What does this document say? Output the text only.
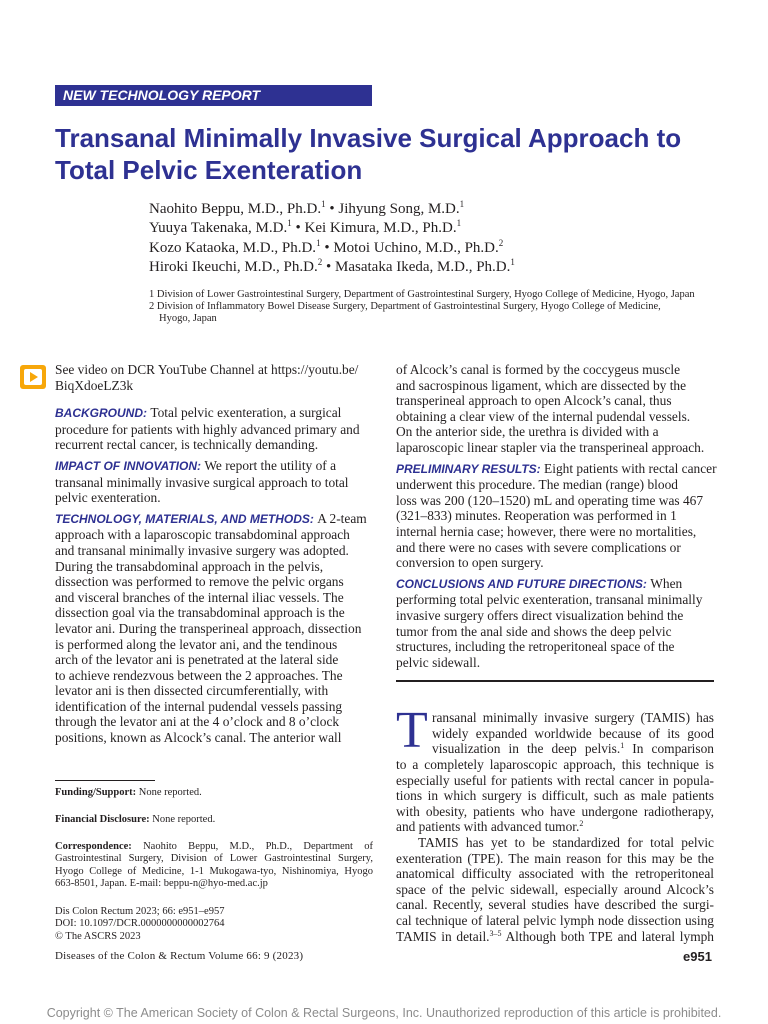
NEW TECHNOLOGY REPORT
Transanal Minimally Invasive Surgical Approach to
Total Pelvic Exenteration
Naohito Beppu, M.D., Ph.D.$^1$ • Jihyung Song, M.D.$^1$
Yuuya Takenaka, M.D.$^1$ • Kei Kimura, M.D., Ph.D.$^1$
Kozo Kataoka, M.D., Ph.D.$^1$ • Motoi Uchino, M.D., Ph.D.$^2$
Hiroki Ikeuchi, M.D., Ph.D.$^2$ • Masataka Ikeda, M.D., Ph.D.$^1$
1 Division of Lower Gastrointestinal Surgery, Department of Gastrointestinal Surgery, Hyogo College of Medicine, Hyogo, Japan
2 Division of Inflammatory Bowel Disease Surgery, Department of Gastrointestinal Surgery, Hyogo College of Medicine,
Hyogo, Japan
See video on DCR YouTube Channel at https://youtu.be/
BiqXdoeLZ3k
BACKGROUND: Total pelvic exenteration, a surgical
procedure for patients with highly advanced primary and
recurrent rectal cancer, is technically demanding.
IMPACT OF INNOVATION: We report the utility of a
transanal minimally invasive surgical approach to total
pelvic exenteration.
TECHNOLOGY, MATERIALS, AND METHODS: A 2-team
approach with a laparoscopic transabdominal approach
and transanal minimally invasive surgery was adopted.
During the transabdominal approach in the pelvis,
dissection was performed to remove the pelvic organs
and visceral branches of the internal iliac vessels. The
dissection goal via the transabdominal approach is the
levator ani. During the transperineal approach, dissection
is performed along the levator ani, and the tendinous
arch of the levator ani is penetrated at the lateral side
to achieve rendezvous between the 2 approaches. The
levator ani is then dissected circumferentially, with
identification of the internal pudendal vessels passing
through the levator ani at the 4 o’clock and 8 o’clock
positions, known as Alcock’s canal. The anterior wall
of Alcock’s canal is formed by the coccygeus muscle
and sacrospinous ligament, which are dissected by the
transperineal approach to open Alcock’s canal, thus
obtaining a clear view of the internal pudendal vessels.
On the anterior side, the urethra is divided with a
laparoscopic linear stapler via the transperineal approach.
PRELIMINARY RESULTS: Eight patients with rectal cancer
underwent this procedure. The median (range) blood
loss was 200 (120–1520) mL and operating time was 467
(321–833) minutes. Reoperation was performed in 1
internal hernia case; however, there were no mortalities,
and there were no cases with severe complications or
conversion to open surgery.
CONCLUSIONS AND FUTURE DIRECTIONS: When
performing total pelvic exenteration, transanal minimally
invasive surgery offers direct visualization behind the
tumor from the anal side and shows the deep pelvic
structures, including the retroperitoneal space of the
pelvic sidewall.
Funding/Support: None reported.
Financial Disclosure: None reported.
Correspondence: Naohito Beppu, M.D., Ph.D., Department of
Gastrointestinal Surgery, Division of Lower Gastrointestinal Surgery,
Hyogo College of Medicine, 1-1 Mukogawa-tyo, Nishinomiya, Hyogo
663-8501, Japan. E-mail: beppu-n@hyo-med.ac.jp
Dis Colon Rectum 2023; 66: e951–e957
DOI: 10.1097/DCR.0000000000002764
© The ASCRS 2023
T ransanal minimally invasive surgery (TAMIS) has
widely expanded worldwide because of its good
visualization in the deep pelvis.$^1$ In comparison
to a completely laparoscopic approach, this technique is
especially useful for patients with rectal cancer in popula-
tions in which surgery is difficult, such as male patients
with obesity, patients who have undergone radiotherapy,
and patients with advanced tumor.$^2$
TAMIS has yet to be standardized for total pelvic
exenteration (TPE). The main reason for this may be the
anatomical difficulty associated with the retroperitoneal
space of the pelvic sidewall, especially around Alcock’s
canal. Recently, several studies have described the surgi-
cal technique of lateral pelvic lymph node dissection using
TAMIS in detail.$^{3-5}$ Although both TPE and lateral lymph
Diseases of the Colon & Rectum Volume 66: 9 (2023)	e951
Copyright © The American Society of Colon & Rectal Surgeons, Inc. Unauthorized reproduction of this article is prohibited.
